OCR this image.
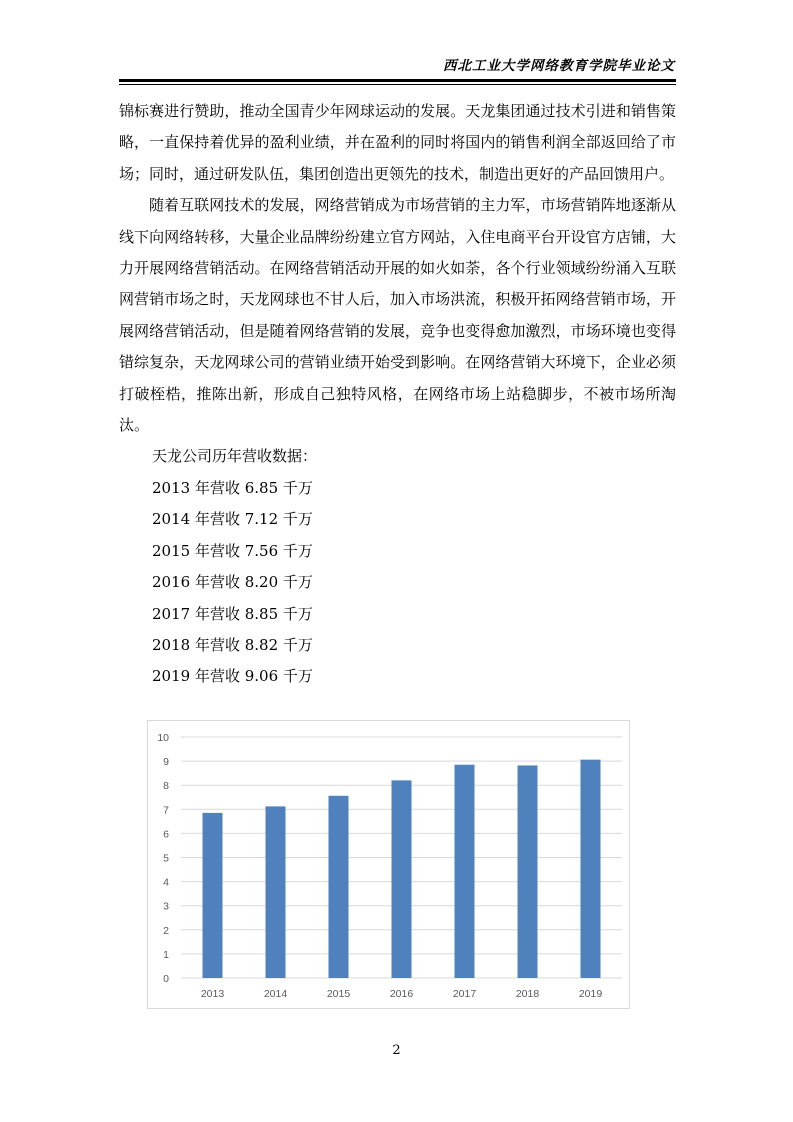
西北工业大学网络教育学院毕业论文

锦标赛进行赞助，推动全国青少年网球运动的发展。天龙集团通过技术引进和销售策略，一直保持着优异的盈利业绩，并在盈利的同时将国内的销售利润全部返回给了市场；同时，通过研发队伍，集团创造出更领先的技术，制造出更好的产品回馈用户。

随着互联网技术的发展，网络营销成为市场营销的主力军，市场营销阵地逐渐从线下向网络转移，大量企业品牌纷纷建立官方网站，入住电商平台开设官方店铺，大力开展网络营销活动。在网络营销活动开展的如火如荼，各个行业领域纷纷涌入互联网营销市场之时，天龙网球也不甘人后，加入市场洪流，积极开拓网络营销市场，开展网络营销活动，但是随着网络营销的发展，竞争也变得愈加激烈，市场环境也变得错综复杂，天龙网球公司的营销业绩开始受到影响。在网络营销大环境下，企业必须打破桎梏，推陈出新，形成自己独特风格，在网络市场上站稳脚步，不被市场所淘汰。

天龙公司历年营收数据：

2013 年营收 6.85 千万

2014 年营收 7.12 千万

2015 年营收 7.56 千万

2016 年营收 8.20 千万

2017 年营收 8.85 千万

2018 年营收 8.82 千万

2019 年营收 9.06 千万

0
1
2
3
4
5
6
7
8
9
10
2013	2014	2015	2016	2017	2018	2019
2
